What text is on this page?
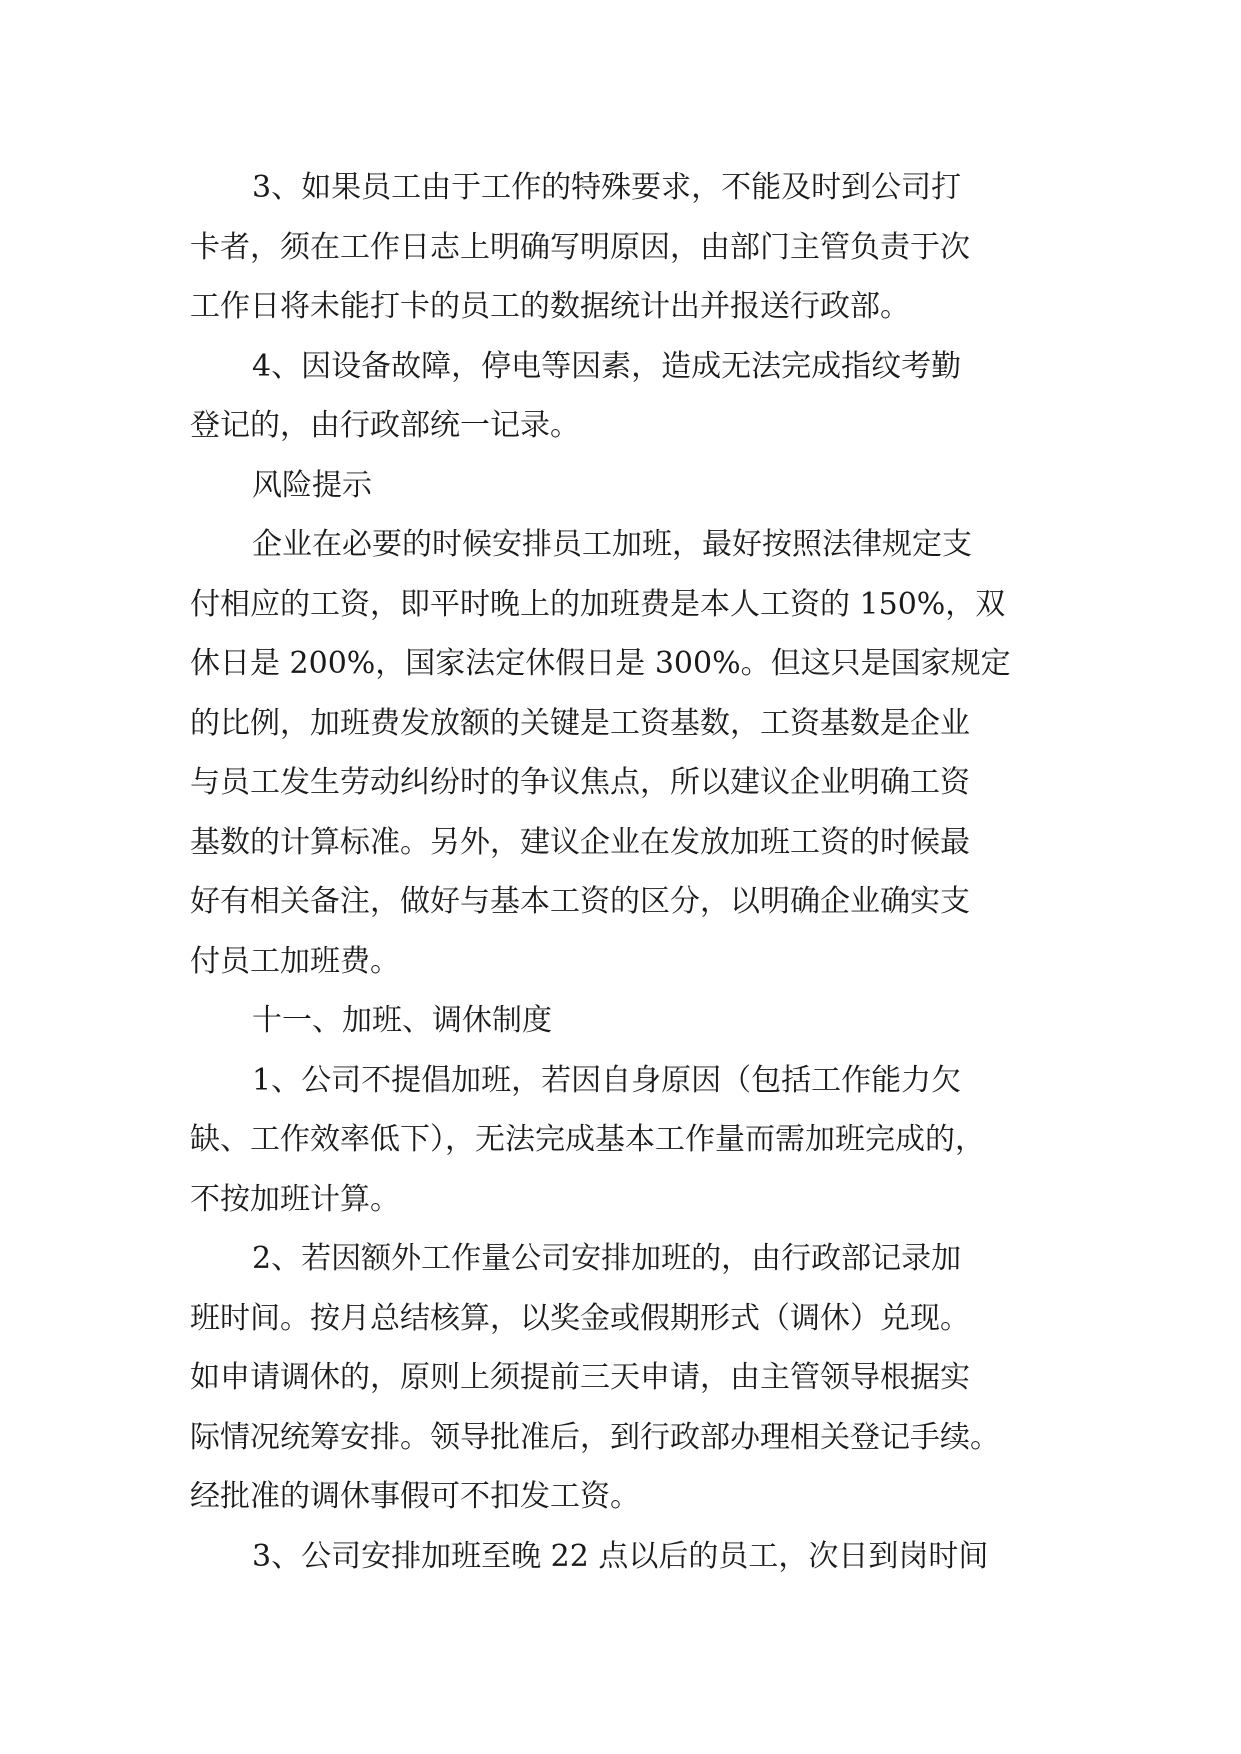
3、如果员工由于工作的特殊要求，不能及时到公司打
卡者，须在工作日志上明确写明原因，由部门主管负责于次
工作日将未能打卡的员工的数据统计出并报送行政部。
4、因设备故障，停电等因素，造成无法完成指纹考勤
登记的，由行政部统一记录。
风险提示
企业在必要的时候安排员工加班，最好按照法律规定支
付相应的工资，即平时晚上的加班费是本人工资的 150%，双
休日是 200%，国家法定休假日是 300%。但这只是国家规定
的比例，加班费发放额的关键是工资基数，工资基数是企业
与员工发生劳动纠纷时的争议焦点，所以建议企业明确工资
基数的计算标准。另外，建议企业在发放加班工资的时候最
好有相关备注，做好与基本工资的区分，以明确企业确实支
付员工加班费。
十一、加班、调休制度
1、公司不提倡加班，若因自身原因（包括工作能力欠
缺、工作效率低下），无法完成基本工作量而需加班完成的，
不按加班计算。
2、若因额外工作量公司安排加班的，由行政部记录加
班时间。按月总结核算，以奖金或假期形式（调休）兑现。
如申请调休的，原则上须提前三天申请，由主管领导根据实
际情况统筹安排。领导批准后，到行政部办理相关登记手续。
经批准的调休事假可不扣发工资。
3、公司安排加班至晚 22 点以后的员工，次日到岗时间
